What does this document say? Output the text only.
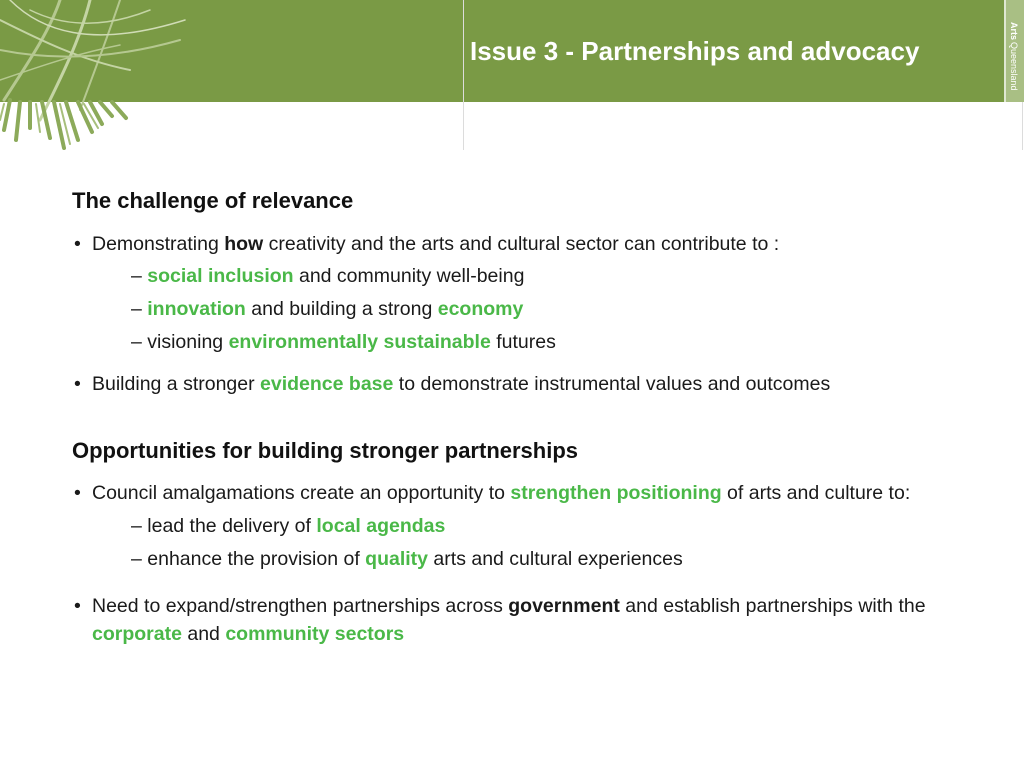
Arts
Queensland
Issue 3 - Partnerships and advocacy
The challenge of relevance
• Demonstrating how creativity and the arts and cultural sector can contribute to :
– social inclusion and community well-being
– innovation and building a strong economy
– visioning environmentally sustainable futures
• Building a stronger evidence base to demonstrate instrumental values and outcomes
Opportunities for building stronger partnerships
• Council amalgamations create an opportunity to strengthen positioning of arts and culture to:
– lead the delivery of local agendas
– enhance the provision of quality arts and cultural experiences
• Need to expand/strengthen partnerships across government and establish partnerships with the corporate and community sectors
